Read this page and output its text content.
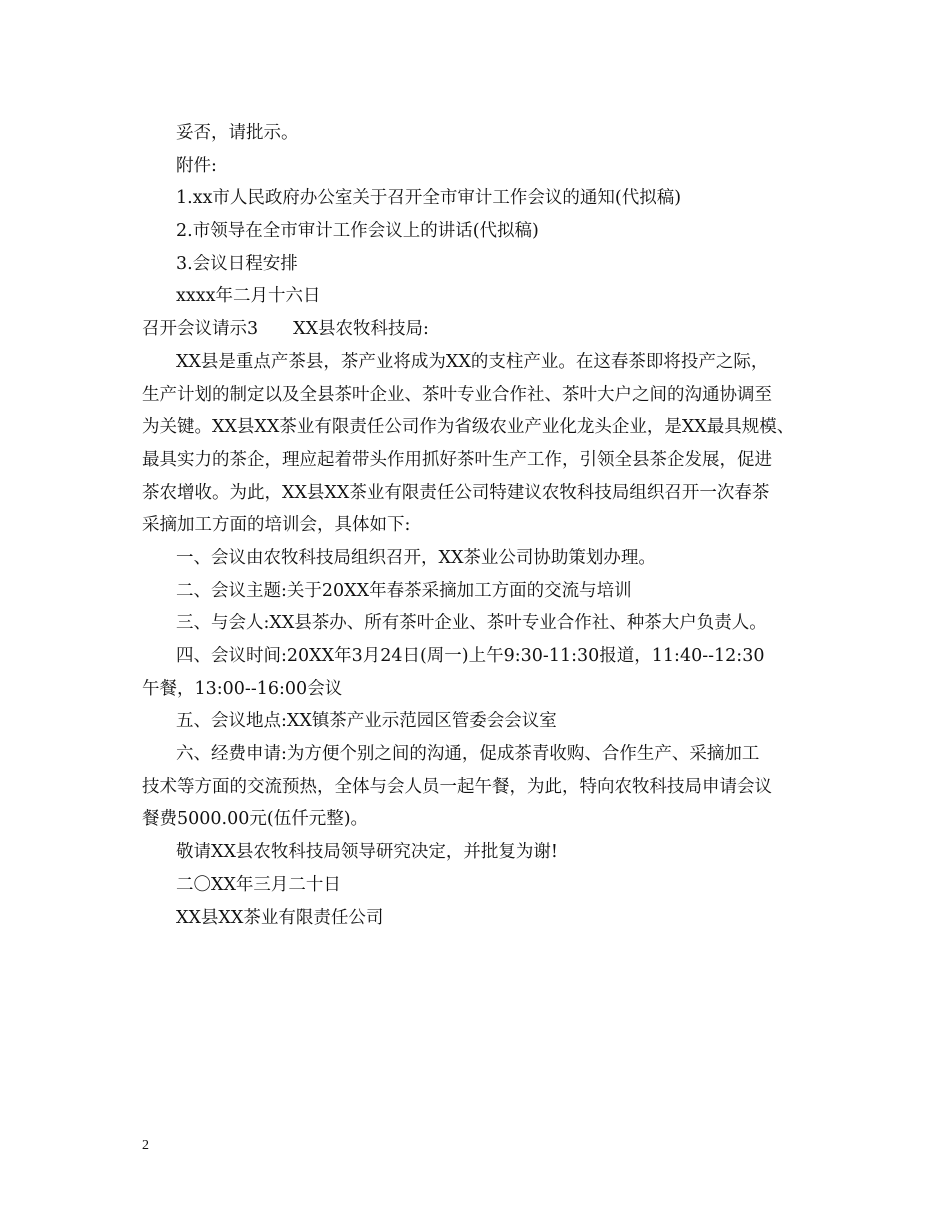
妥否，请批示。
附件:
1.xx市人民政府办公室关于召开全市审计工作会议的通知(代拟稿)
2.市领导在全市审计工作会议上的讲话(代拟稿)
3.会议日程安排
xxxx年二月十六日
召开会议请示3　　XX县农牧科技局:
XX县是重点产茶县，茶产业将成为XX的支柱产业。在这春茶即将投产之际，
生产计划的制定以及全县茶叶企业、茶叶专业合作社、茶叶大户之间的沟通协调至
为关键。XX县XX茶业有限责任公司作为省级农业产业化龙头企业，是XX最具规模、
最具实力的茶企，理应起着带头作用抓好茶叶生产工作，引领全县茶企发展，促进
茶农增收。为此，XX县XX茶业有限责任公司特建议农牧科技局组织召开一次春茶
采摘加工方面的培训会，具体如下:
一、会议由农牧科技局组织召开，XX茶业公司协助策划办理。
二、会议主题:关于20XX年春茶采摘加工方面的交流与培训
三、与会人:XX县茶办、所有茶叶企业、茶叶专业合作社、种茶大户负责人。
四、会议时间:20XX年3月24日(周一)上午9:30-11:30报道，11:40--12:30
午餐，13:00--16:00会议
五、会议地点:XX镇茶产业示范园区管委会会议室
六、经费申请:为方便个别之间的沟通，促成茶青收购、合作生产、采摘加工
技术等方面的交流预热，全体与会人员一起午餐，为此，特向农牧科技局申请会议
餐费5000.00元(伍仟元整)。
敬请XX县农牧科技局领导研究决定，并批复为谢!
二〇XX年三月二十日
XX县XX茶业有限责任公司
2
